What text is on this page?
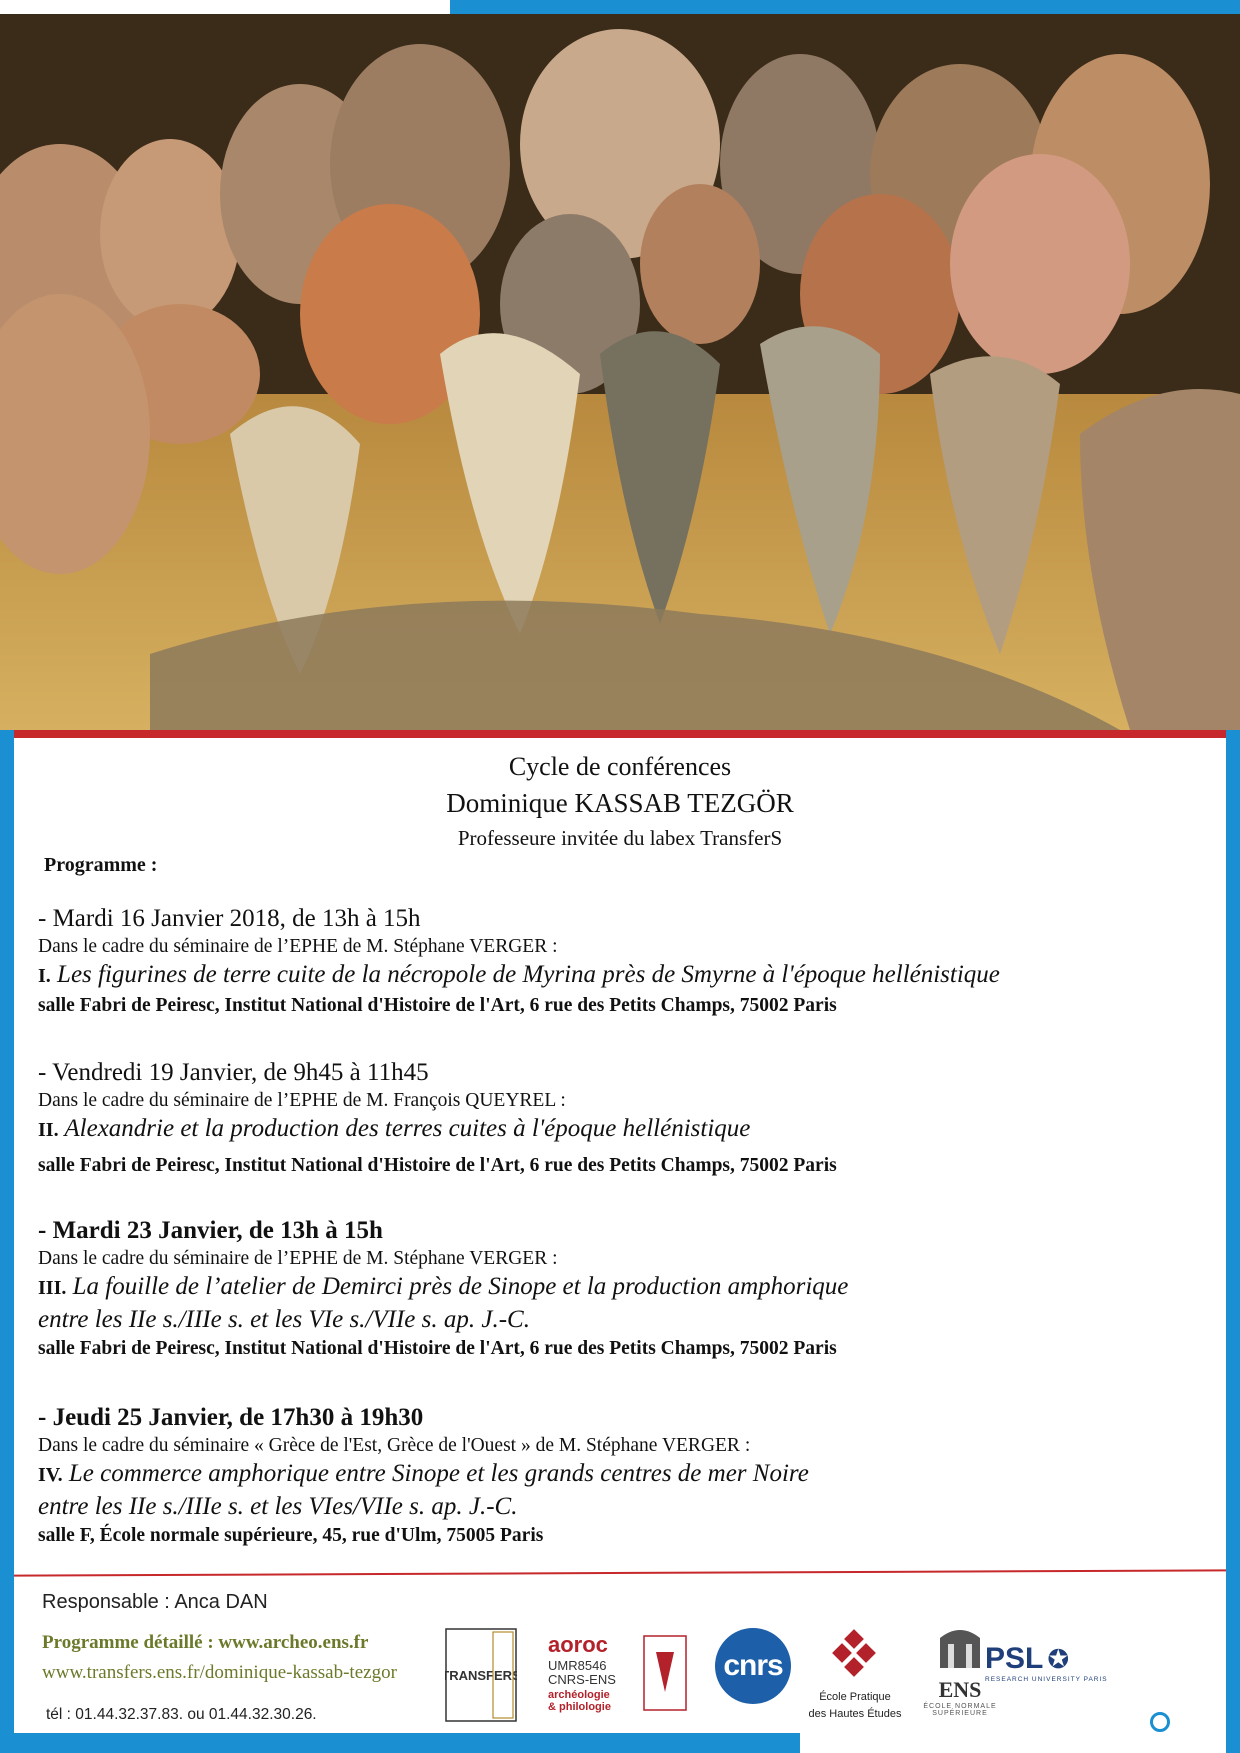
Cycle de conférences
Dominique KASSAB TEZGÖR
Professeure invitée du labex TransferS
Programme :
- Mardi 16 Janvier 2018, de 13h à 15h
Dans le cadre du séminaire de l’EPHE de M. Stéphane VERGER :
I. Les figurines de terre cuite de la nécropole de Myrina près de Smyrne à l'époque hellénistique
salle Fabri de Peiresc, Institut National d'Histoire de l'Art, 6 rue des Petits Champs, 75002 Paris
- Vendredi 19 Janvier, de 9h45 à 11h45
Dans le cadre du séminaire de l’EPHE de M. François QUEYREL :
II. Alexandrie et la production des terres cuites à l'époque hellénistique
salle Fabri de Peiresc, Institut National d'Histoire de l'Art, 6 rue des Petits Champs, 75002 Paris
- Mardi 23 Janvier, de 13h à 15h
Dans le cadre du séminaire de l’EPHE de M. Stéphane VERGER :
III. La fouille de l’atelier de Demirci près de Sinope et la production amphorique
entre les IIe s./IIIe s. et les VIe s./VIIe s. ap. J.-C.
salle Fabri de Peiresc, Institut National d'Histoire de l'Art, 6 rue des Petits Champs, 75002 Paris
- Jeudi 25 Janvier, de 17h30 à 19h30
Dans le cadre du séminaire « Grèce de l'Est, Grèce de l'Ouest » de M. Stéphane VERGER :
IV. Le commerce amphorique entre Sinope et les grands centres de mer Noire
entre les IIe s./IIIe s. et les VIes/VIIe s. ap. J.-C.
salle F, École normale supérieure, 45, rue d'Ulm, 75005 Paris
Responsable : Anca DAN
Programme détaillé : www.archeo.ens.fr
www.transfers.ens.fr/dominique-kassab-tezgor
tél : 01.44.32.37.83. ou 01.44.32.30.26.
TRANSFERS
aoroc
UMR8546
CNRS-ENS
archéologie
& philologie
cnrs
École Pratique
des Hautes Études
ENS
ÉCOLE NORMALE SUPÉRIEURE
PSL ✪
RESEARCH UNIVERSITY PARIS
